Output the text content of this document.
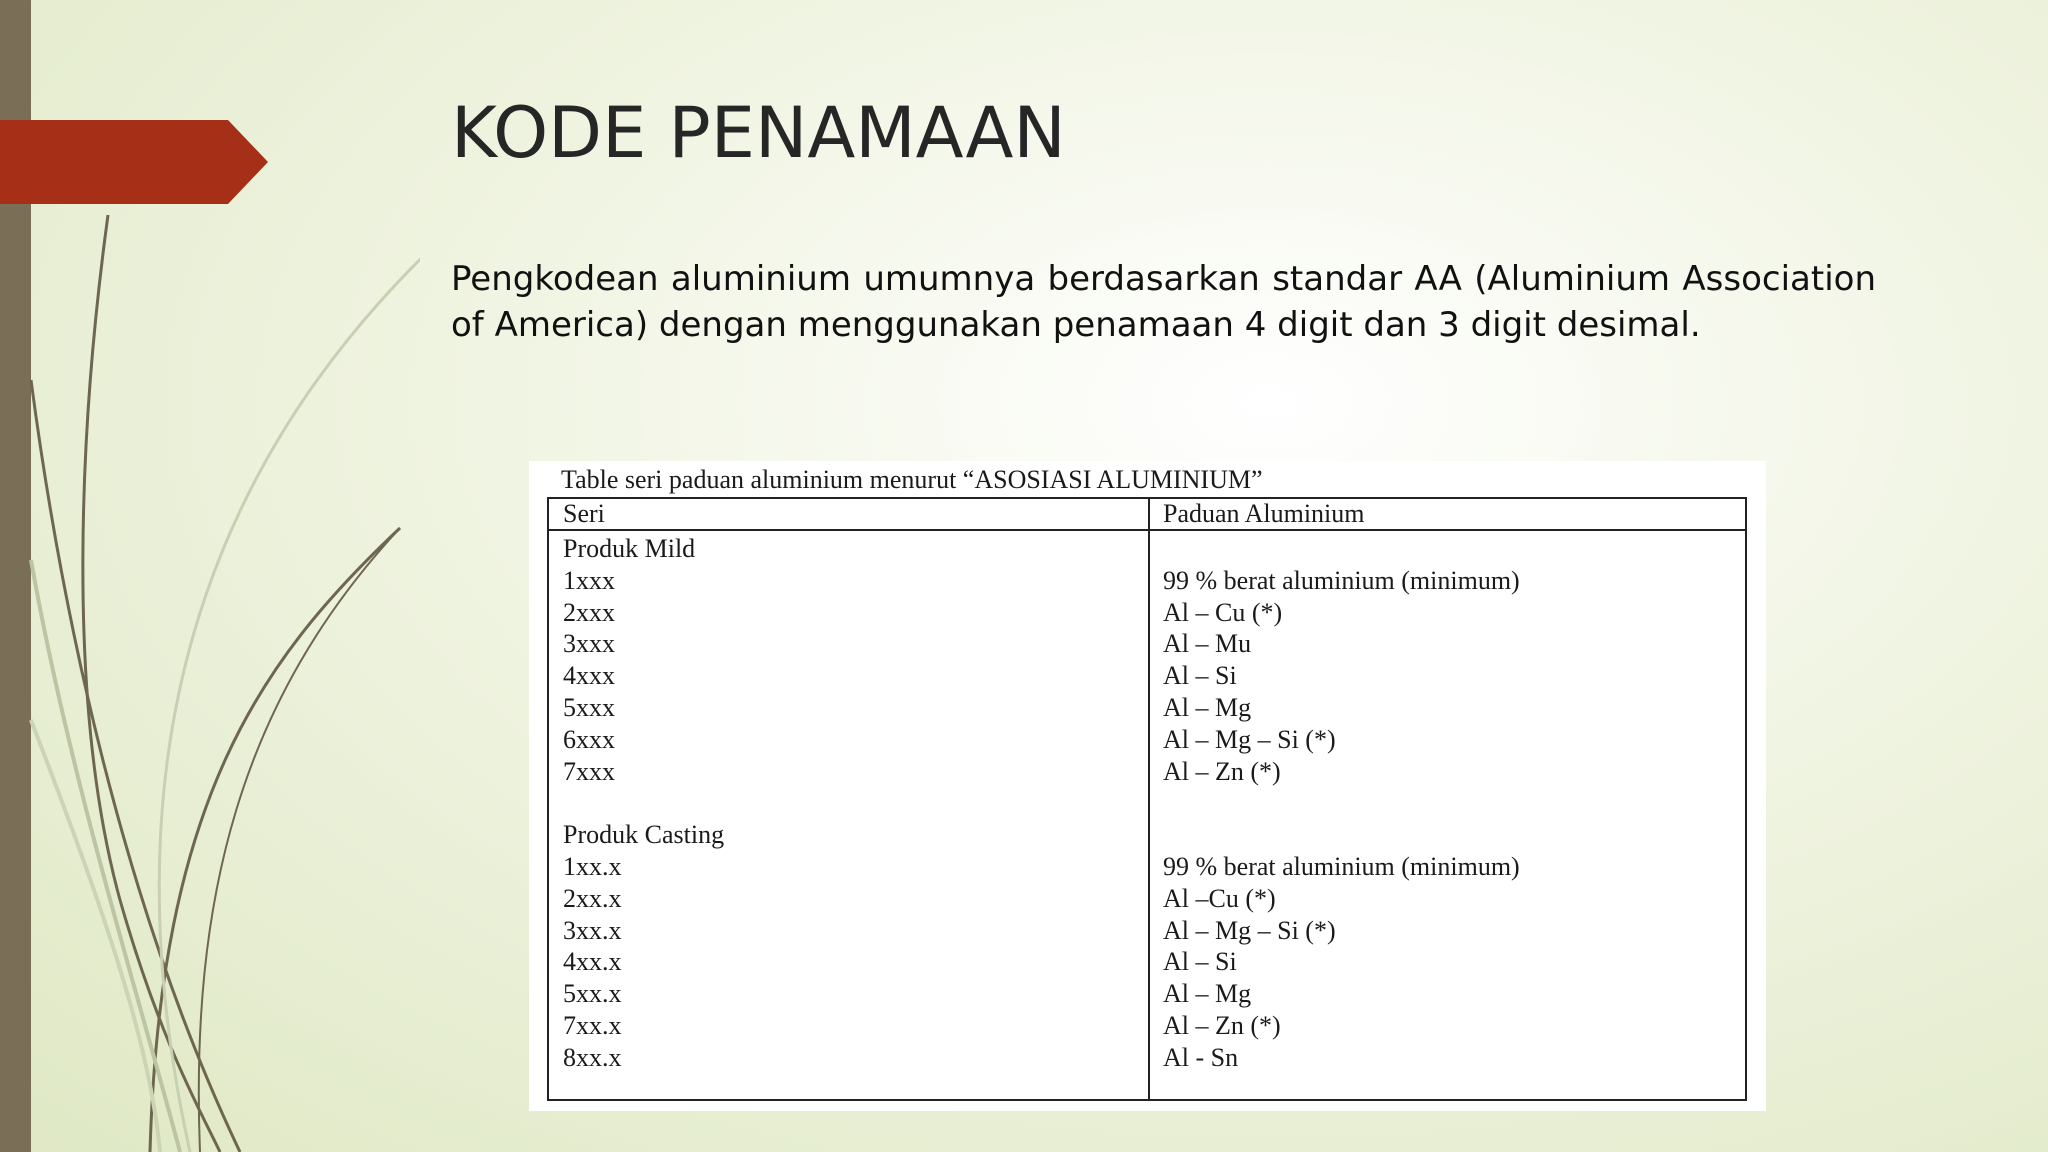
KODE PENAMAAN

Pengkodean aluminium umumnya berdasarkan standar AA (Aluminium Association of America) dengan menggunakan penamaan 4 digit dan 3 digit desimal.

Table seri paduan aluminium menurut “ASOSIASI ALUMINIUM”
Seri	Paduan Aluminium
Produk Mild
1xxx
2xxx
3xxx
4xxx
5xxx
6xxx
7xxx
Produk Casting
1xx.x
2xx.x
3xx.x
4xx.x
5xx.x
7xx.x
8xx.x
99 % berat aluminium (minimum)
Al – Cu (*)
Al – Mu
Al – Si
Al – Mg
Al – Mg – Si (*)
Al – Zn (*)
99 % berat aluminium (minimum)
Al –Cu (*)
Al – Mg – Si (*)
Al – Si
Al – Mg
Al – Zn (*)
Al - Sn
